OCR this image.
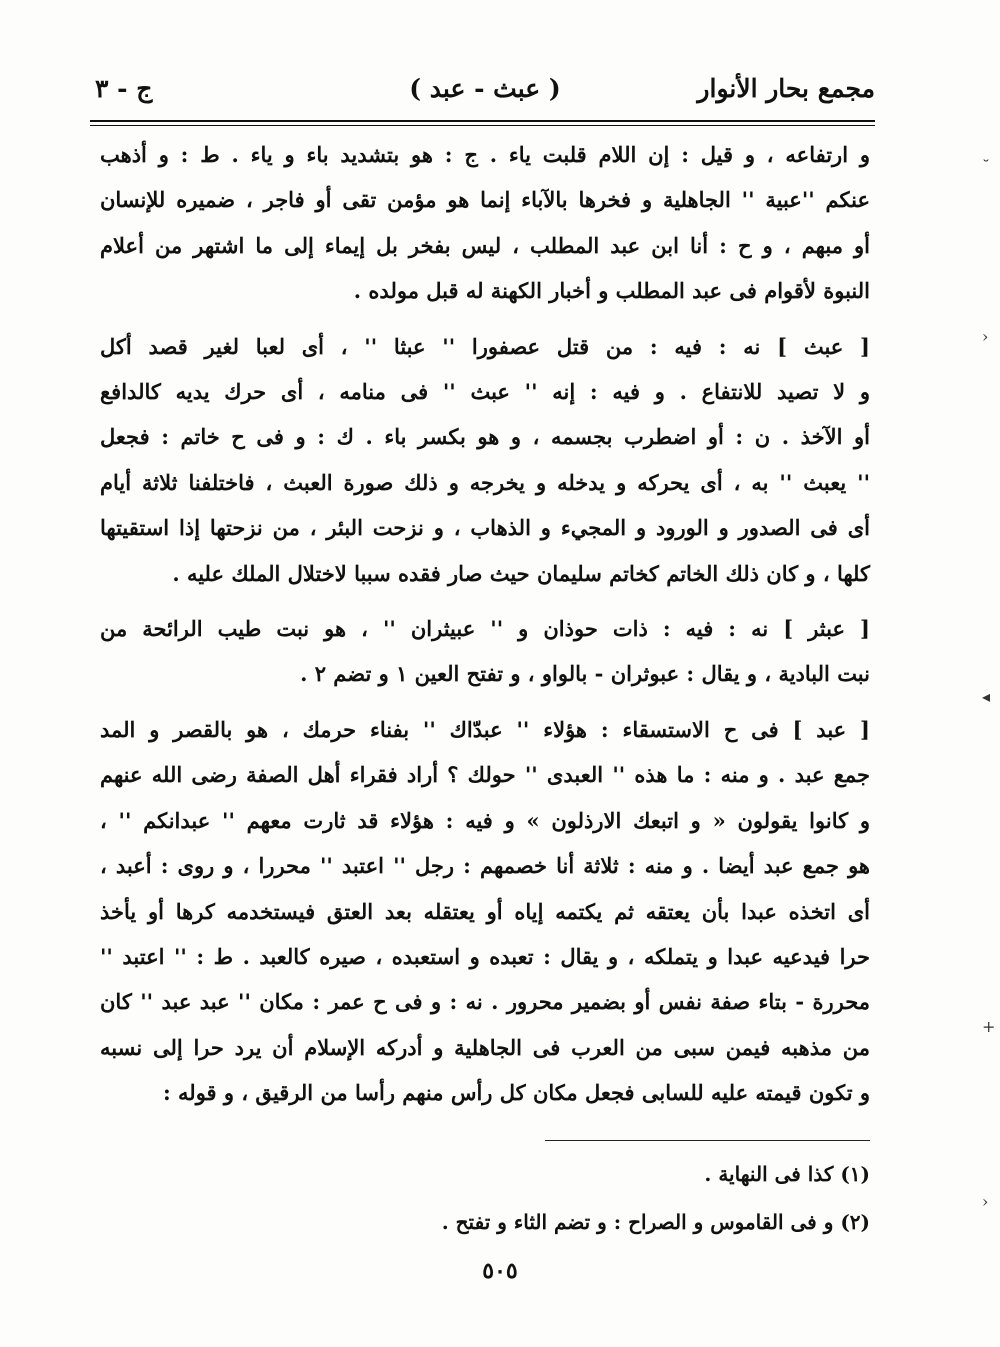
مجمع بحار الأنوار
( عبث - عبد )
ج - ٣

و ارتفاعه ، و قيل : إن اللام قلبت ياء . ج : هو بتشديد باء و ياء . ط : و أذهب
عنكم ''عبية '' الجاهلية و فخرها بالآباء إنما هو مؤمن تقى أو فاجر ، ضميره للإنسان
أو مبهم ، و ح : أنا ابن عبد المطلب ، ليس بفخر بل إيماء إلى ما اشتهر من أعلام
النبوة لأقوام فى عبد المطلب و أخبار الكهنة له قبل مولده .

[ عبث ] نه : فيه : من قتل عصفورا '' عبثا '' ، أى لعبا لغير قصد أكل
و لا تصيد للانتفاع . و فيه : إنه '' عبث '' فى منامه ، أى حرك يديه كالدافع
أو الآخذ . ن : أو اضطرب بجسمه ، و هو بكسر باء . ك : و فى ح خاتم : فجعل
'' يعبث '' به ، أى يحركه و يدخله و يخرجه و ذلك صورة العبث ، فاختلفنا ثلاثة أيام
أى فى الصدور و الورود و المجيء و الذهاب ، و نزحت البئر ، من نزحتها إذا استقيتها
كلها ، و كان ذلك الخاتم كخاتم سليمان حيث صار فقده سببا لاختلال الملك عليه .

[ عبثر ] نه : فيه : ذات حوذان و '' عبيثران '' ، هو نبت طيب الرائحة من
نبت البادية ، و يقال : عبوثران - بالواو ، و تفتح العين ١ و تضم ٢ .

[ عبد ] فى ح الاستسقاء : هؤلاء '' عبدّاك '' بفناء حرمك ، هو بالقصر و المد
جمع عبد . و منه : ما هذه '' العبدى '' حولك ؟ أراد فقراء أهل الصفة رضى الله عنهم
و كانوا يقولون « و اتبعك الارذلون » و فيه : هؤلاء قد ثارت معهم '' عبدانكم '' ،
هو جمع عبد أيضا . و منه : ثلاثة أنا خصمهم : رجل '' اعتبد '' محررا ، و روى : أعبد ،
أى اتخذه عبدا بأن يعتقه ثم يكتمه إياه أو يعتقله بعد العتق فيستخدمه كرها أو يأخذ
حرا فيدعيه عبدا و يتملكه ، و يقال : تعبده و استعبده ، صيره كالعبد . ط : '' اعتبد ''
محررة - بتاء صفة نفس أو بضمير محرور . نه : و فى ح عمر : مكان '' عبد عبد '' كان
من مذهبه فيمن سبى من العرب فى الجاهلية و أدركه الإسلام أن يرد حرا إلى نسبه
و تكون قيمته عليه للسابى فجعل مكان كل رأس منهم رأسا من الرقيق ، و قوله :

(١) كذا فى النهاية .
(٢) و فى القاموس و الصراح : و تضم الثاء و تفتح .
٥٠٥
˘
›
◂
+
›
